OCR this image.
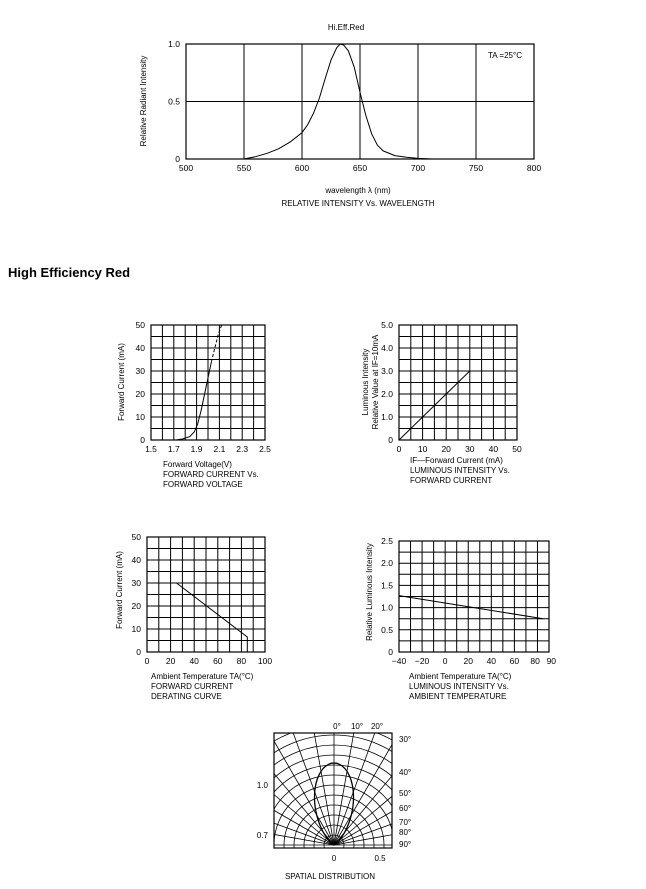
High Efficiency Red
500	550	600	650	700	750	800
0
0.5
1.0
Hi.Eff.Red
TA =25°C
Relative Radiant Intensity
wavelength λ (nm)
RELATIVE INTENSITY Vs. WAVELENGTH
1.5 1.7 1.9 2.1 2.3 2.5
0
10
20
30
40
50
Forward Current (mA)
Forward Voltage(V)
FORWARD CURRENT Vs.
FORWARD VOLTAGE
0 10 20 30 40 50
0
1.0
2.0
3.0
4.0
5.0
Luminous Intensity Relative Value at IF=10mA
IF—Forward Current (mA)
LUMINOUS INTENSITY Vs.
FORWARD CURRENT
0 20 40 60 80 100
0
10
20
30
40
50
Forward Current (mA)
Ambient Temperature TA(°C)
FORWARD CURRENT
DERATING CURVE
−40 −20 0 20 40 60 80 90
0
0.5
1.0
1.5
2.0
2.5
Relative Luminous Intensity
Ambient Temperature TA(°C)
LUMINOUS INTENSITY Vs.
AMBIENT TEMPERATURE
0° 10° 20°
30°
40°
50°
60°
70°
80°
90°
0	0.5
1.0
0.7
SPATIAL DISTRIBUTION
